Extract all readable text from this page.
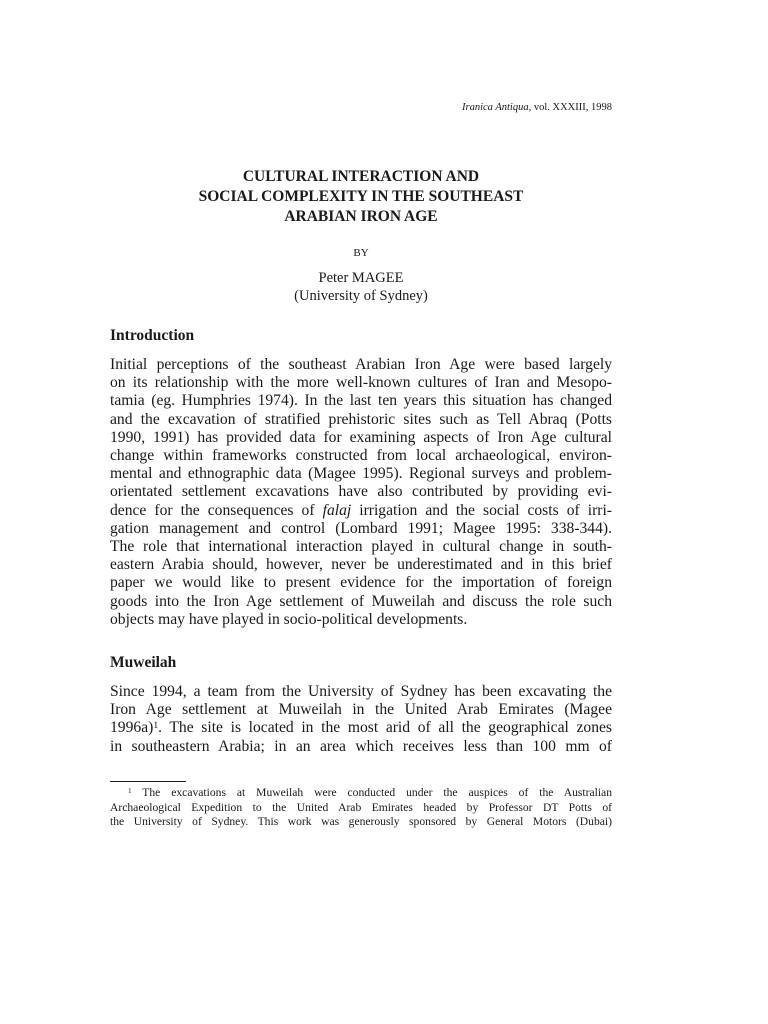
Iranica Antiqua, vol. XXXIII, 1998
CULTURAL INTERACTION AND
SOCIAL COMPLEXITY IN THE SOUTHEAST
ARABIAN IRON AGE
BY
Peter MAGEE
(University of Sydney)
Introduction
Initial perceptions of the southeast Arabian Iron Age were based largely
on its relationship with the more well-known cultures of Iran and Mesopo-
tamia (eg. Humphries 1974). In the last ten years this situation has changed
and the excavation of stratified prehistoric sites such as Tell Abraq (Potts
1990, 1991) has provided data for examining aspects of Iron Age cultural
change within frameworks constructed from local archaeological, environ-
mental and ethnographic data (Magee 1995). Regional surveys and problem-
orientated settlement excavations have also contributed by providing evi-
dence for the consequences of falaj irrigation and the social costs of irri-
gation management and control (Lombard 1991; Magee 1995: 338-344).
The role that international interaction played in cultural change in south-
eastern Arabia should, however, never be underestimated and in this brief
paper we would like to present evidence for the importation of foreign
goods into the Iron Age settlement of Muweilah and discuss the role such
objects may have played in socio-political developments.
Muweilah
Since 1994, a team from the University of Sydney has been excavating the
Iron Age settlement at Muweilah in the United Arab Emirates (Magee
1996a)$^1$. The site is located in the most arid of all the geographical zones
in southeastern Arabia; in an area which receives less than 100 mm of
$^1$ The excavations at Muweilah were conducted under the auspices of the Australian
Archaeological Expedition to the United Arab Emirates headed by Professor DT Potts of
the University of Sydney. This work was generously sponsored by General Motors (Dubai)
